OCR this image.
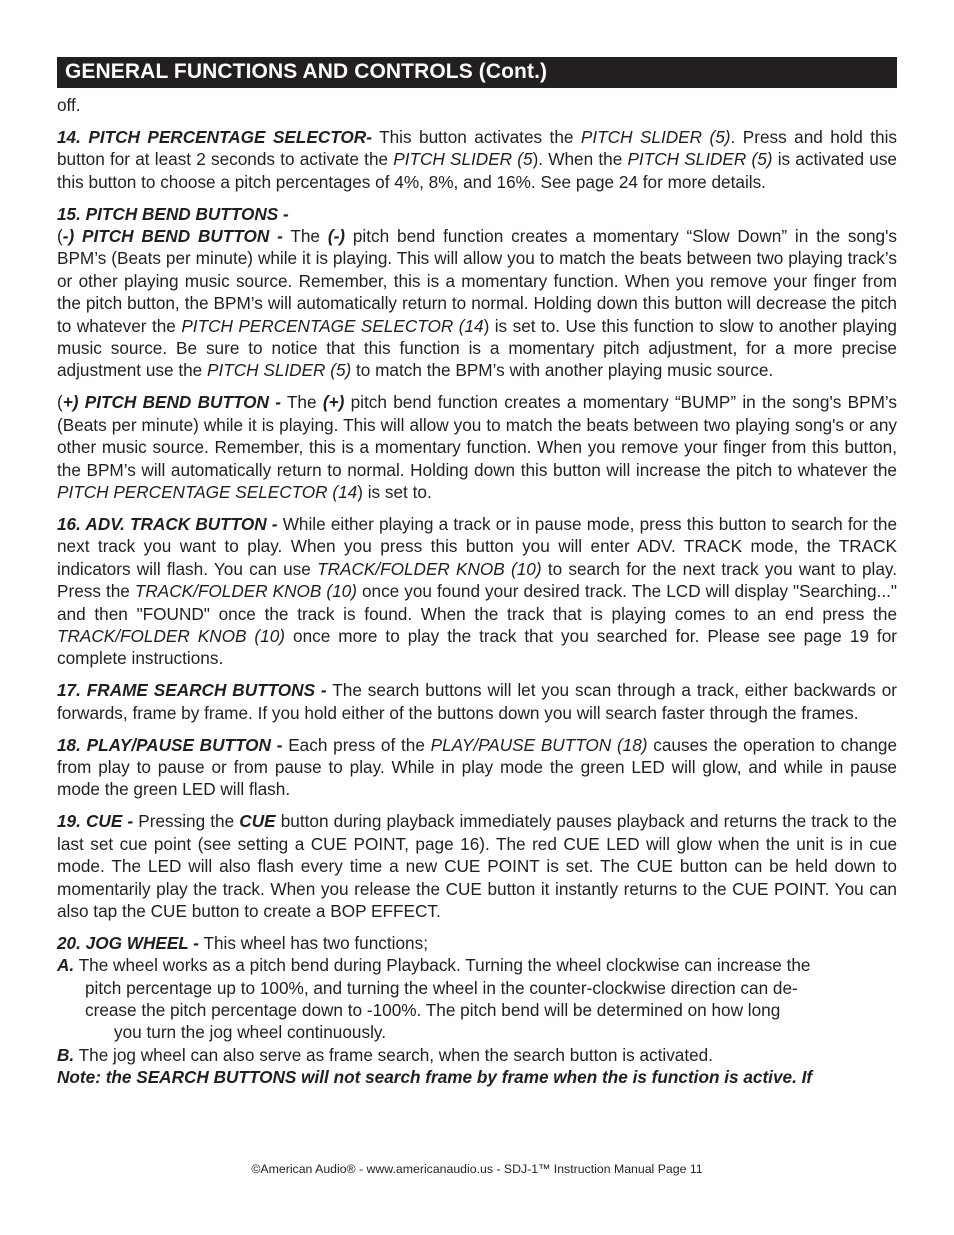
GENERAL FUNCTIONS AND CONTROLS (Cont.)

off.

14. PITCH PERCENTAGE SELECTOR- This button activates the PITCH SLIDER (5). Press and hold this button for at least 2 seconds to activate the PITCH SLIDER (5). When the PITCH SLIDER (5) is activated use this button to choose a pitch percentages of 4%, 8%, and 16%. See page 24 for more details.

15. PITCH BEND BUTTONS -

(-) PITCH BEND BUTTON - The (-) pitch bend function creates a momentary “Slow Down” in the song's BPM’s (Beats per minute) while it is playing. This will allow you to match the beats between two playing track’s or other playing music source. Remember, this is a momentary function. When you remove your finger from the pitch button, the BPM’s will automatically return to normal. Holding down this button will decrease the pitch to whatever the PITCH PERCENTAGE SELECTOR (14) is set to. Use this function to slow to another playing music source. Be sure to notice that this function is a momentary pitch adjustment, for a more precise adjustment use the PITCH SLIDER (5) to match the BPM’s with another playing music source.

(+) PITCH BEND BUTTON - The (+) pitch bend function creates a momentary “BUMP” in the song's BPM’s (Beats per minute) while it is playing. This will allow you to match the beats between two playing song's or any other music source. Remember, this is a momentary function. When you remove your finger from this button, the BPM’s will automatically return to normal. Holding down this button will increase the pitch to whatever the PITCH PERCENTAGE SELECTOR (14) is set to.

16. ADV. TRACK BUTTON - While either playing a track or in pause mode, press this button to search for the next track you want to play. When you press this button you will enter ADV. TRACK mode, the TRACK indicators will flash. You can use TRACK/FOLDER KNOB (10) to search for the next track you want to play. Press the TRACK/FOLDER KNOB (10) once you found your desired track. The LCD will display "Searching..." and then "FOUND" once the track is found. When the track that is playing comes to an end press the TRACK/FOLDER KNOB (10) once more to play the track that you searched for. Please see page 19 for complete instructions.

17. FRAME SEARCH BUTTONS - The search buttons will let you scan through a track, either backwards or forwards, frame by frame. If you hold either of the buttons down you will search faster through the frames.

18. PLAY/PAUSE BUTTON - Each press of the PLAY/PAUSE BUTTON (18) causes the operation to change from play to pause or from pause to play. While in play mode the green LED will glow, and while in pause mode the green LED will flash.

19. CUE - Pressing the CUE button during playback immediately pauses playback and returns the track to the last set cue point (see setting a CUE POINT, page 16). The red CUE LED will glow when the unit is in cue mode. The LED will also flash every time a new CUE POINT is set. The CUE button can be held down to momentarily play the track. When you release the CUE button it instantly returns to the CUE POINT. You can also tap the CUE button to create a BOP EFFECT.

20. JOG WHEEL - This wheel has two functions;
A. The wheel works as a pitch bend during Playback. Turning the wheel clockwise can increase the
pitch percentage up to 100%, and turning the wheel in the counter-clockwise direction can de-
crease the pitch percentage down to -100%. The pitch bend will be determined on how long
you turn the jog wheel continuously.
B. The jog wheel can also serve as frame search, when the search button is activated.
Note: the SEARCH BUTTONS will not search frame by frame when the is function is active. If
©American Audio® - www.americanaudio.us - SDJ-1™ Instruction Manual Page 11
